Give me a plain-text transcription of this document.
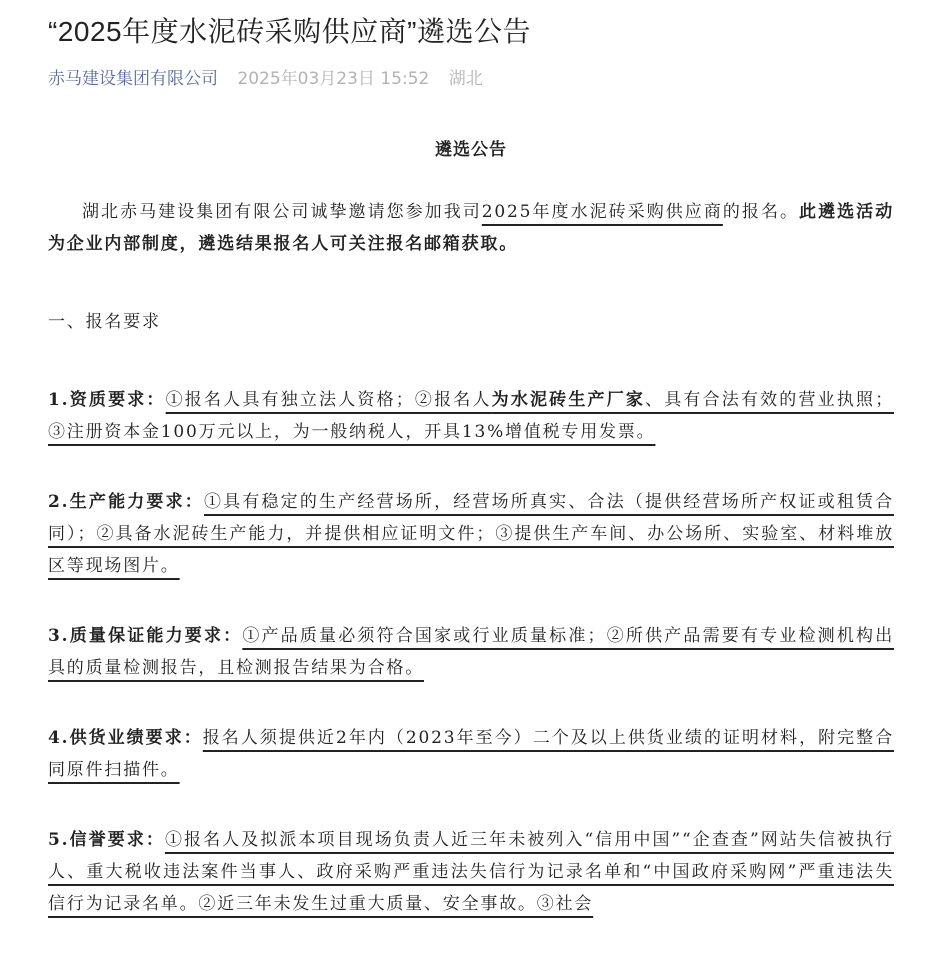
“2025年度水泥砖采购供应商”遴选公告
赤马建设集团有限公司 2025年03月23日 15:52 湖北

遴选公告

湖北赤马建设集团有限公司诚挚邀请您参加我司2025年度水泥砖采购供应商的报名。此遴选活动为企业内部制度，遴选结果报名人可关注报名邮箱获取。

一、报名要求

1.资质要求：①报名人具有独立法人资格；②报名人为水泥砖生产厂家、具有合法有效的营业执照；③注册资本金100万元以上，为一般纳税人，开具13%增值税专用发票。

2.生产能力要求：①具有稳定的生产经营场所，经营场所真实、合法（提供经营场所产权证或租赁合同）；②具备水泥砖生产能力，并提供相应证明文件；③提供生产车间、办公场所、实验室、材料堆放区等现场图片。

3.质量保证能力要求：①产品质量必须符合国家或行业质量标准；②所供产品需要有专业检测机构出具的质量检测报告，且检测报告结果为合格。

4.供货业绩要求：报名人须提供近2年内（2023年至今）二个及以上供货业绩的证明材料，附完整合同原件扫描件。

5.信誉要求：①报名人及拟派本项目现场负责人近三年未被列入“信用中国”“企查查”网站失信被执行人、重大税收违法案件当事人、政府采购严重违法失信行为记录名单和“中国政府采购网”严重违法失信行为记录名单。②近三年未发生过重大质量、安全事故。③社会
